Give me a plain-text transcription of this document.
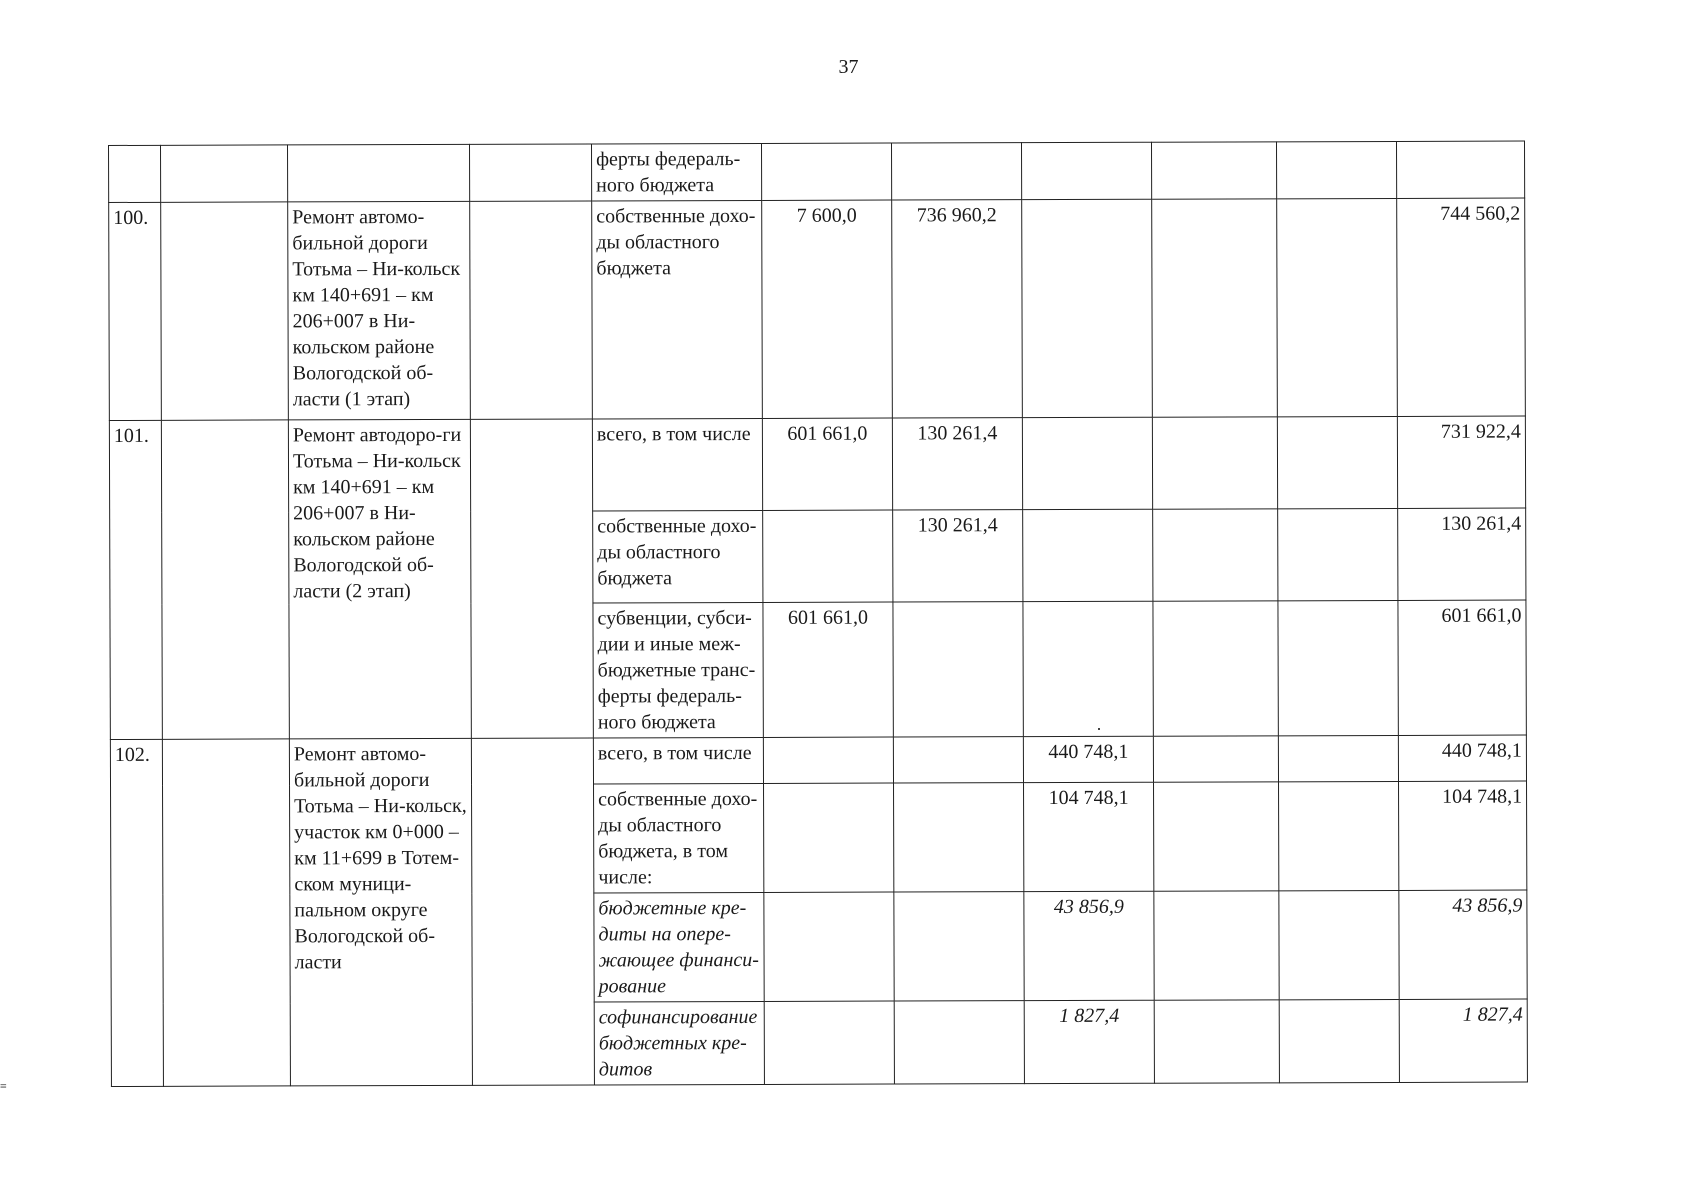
37
				ферты федераль-ного бюджета						
100.		Ремонт автомо-бильной дороги Тотьма – Ни-кольск км 140+691 – км 206+007 в Ни-кольском районе Вологодской об-ласти (1 этап)		собственные дохо-ды областного бюджета	7 600,0	736 960,2				744 560,2
101.		Ремонт автодоро-ги Тотьма – Ни-кольск км 140+691 – км 206+007 в Ни-кольском районе Вологодской об-ласти (2 этап)		всего, в том числе	601 661,0	130 261,4				731 922,4
				собственные дохо-ды областного бюджета		130 261,4				130 261,4
				субвенции, субси-дии и иные меж-бюджетные транс-ферты федераль-ного бюджета	601 661,0					601 661,0
102.		Ремонт автомо-бильной дороги Тотьма – Ни-кольск, участок км 0+000 – км 11+699 в Тотем-ском муници-пальном округе Вологодской об-ласти		всего, в том числе			440 748,1			440 748,1
				собственные дохо-ды областного бюджета, в том числе:			104 748,1			104 748,1
				бюджетные кре-диты на опере-жающее финанси-рование			43 856,9			43 856,9
				софинансирование бюджетных кре-дитов			1 827,4			1 827,4
≡
